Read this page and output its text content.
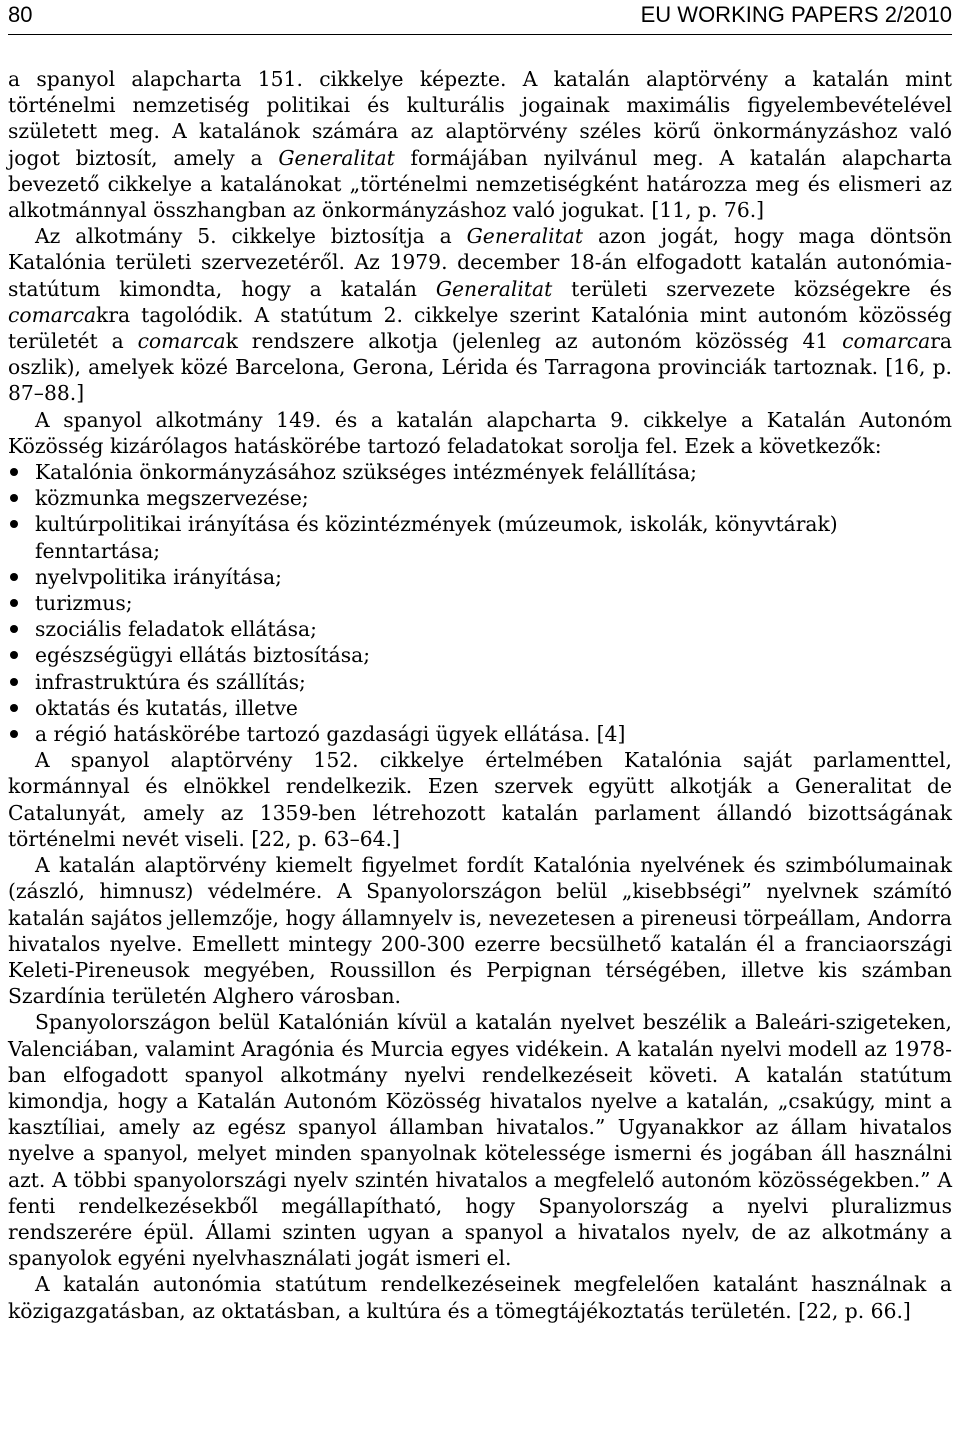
80	EU WORKING PAPERS 2/2010

a spanyol alapcharta 151. cikkelye képezte. A katalán alaptörvény a katalán mint történelmi nemzetiség politikai és kulturális jogainak maximális figyelembevételével született meg. A katalánok számára az alaptörvény széles körű önkormányzáshoz való jogot biztosít, amely a Generalitat formájában nyilvánul meg. A katalán alapcharta bevezető cikkelye a katalánokat „történelmi nemzetiségként határozza meg és elismeri az alkotmánnyal összhangban az önkormányzáshoz való jogukat. [11, p. 76.]

Az alkotmány 5. cikkelye biztosítja a Generalitat azon jogát, hogy maga döntsön Katalónia területi szervezetéről. Az 1979. december 18-án elfogadott katalán autonómia-statútum kimondta, hogy a katalán Generalitat területi szervezete községekre és comarcakra tagolódik. A statútum 2. cikkelye szerint Katalónia mint autonóm közösség területét a comarcak rendszere alkotja (jelenleg az autonóm közösség 41 comarcara oszlik), amelyek közé Barcelona, Gerona, Lérida és Tarragona provinciák tartoznak. [16, p. 87–88.]

A spanyol alkotmány 149. és a katalán alapcharta 9. cikkelye a Katalán Autonóm Közösség kizárólagos hatáskörébe tartozó feladatokat sorolja fel. Ezek a következők:

Katalónia önkormányzásához szükséges intézmények felállítása;
közmunka megszervezése;
kultúrpolitikai irányítása és közintézmények (múzeumok, iskolák, könyvtárak) fenntartása;
nyelvpolitika irányítása;
turizmus;
szociális feladatok ellátása;
egészségügyi ellátás biztosítása;
infrastruktúra és szállítás;
oktatás és kutatás, illetve
a régió hatáskörébe tartozó gazdasági ügyek ellátása. [4]

A spanyol alaptörvény 152. cikkelye értelmében Katalónia saját parlamenttel, kormánnyal és elnökkel rendelkezik. Ezen szervek együtt alkotják a Generalitat de Catalunyát, amely az 1359-ben létrehozott katalán parlament állandó bizottságának történelmi nevét viseli. [22, p. 63–64.]

A katalán alaptörvény kiemelt figyelmet fordít Katalónia nyelvének és szimbólumainak (zászló, himnusz) védelmére. A Spanyolországon belül „kisebbségi” nyelvnek számító katalán sajátos jellemzője, hogy államnyelv is, nevezetesen a pireneusi törpeállam, Andorra hivatalos nyelve. Emellett mintegy 200-300 ezerre becsülhető katalán él a franciaországi Keleti-Pireneusok megyében, Roussillon és Perpignan térségében, illetve kis számban Szardínia területén Alghero városban.

Spanyolországon belül Katalónián kívül a katalán nyelvet beszélik a Baleári-szigeteken, Valenciában, valamint Aragónia és Murcia egyes vidékein. A katalán nyelvi modell az 1978-ban elfogadott spanyol alkotmány nyelvi rendelkezéseit követi. A katalán statútum kimondja, hogy a Katalán Autonóm Közösség hivatalos nyelve a katalán, „csakúgy, mint a kasztíliai, amely az egész spanyol államban hivatalos.” Ugyanakkor az állam hivatalos nyelve a spanyol, melyet minden spanyolnak kötelessége ismerni és jogában áll használni azt. A többi spanyolországi nyelv szintén hivatalos a megfelelő autonóm közösségekben.” A fenti rendelkezésekből megállapítható, hogy Spanyolország a nyelvi pluralizmus rendszerére épül. Állami szinten ugyan a spanyol a hivatalos nyelv, de az alkotmány a spanyolok egyéni nyelvhasználati jogát ismeri el.

A katalán autonómia statútum rendelkezéseinek megfelelően katalánt használnak a közigazgatásban, az oktatásban, a kultúra és a tömegtájékoztatás területén. [22, p. 66.]
